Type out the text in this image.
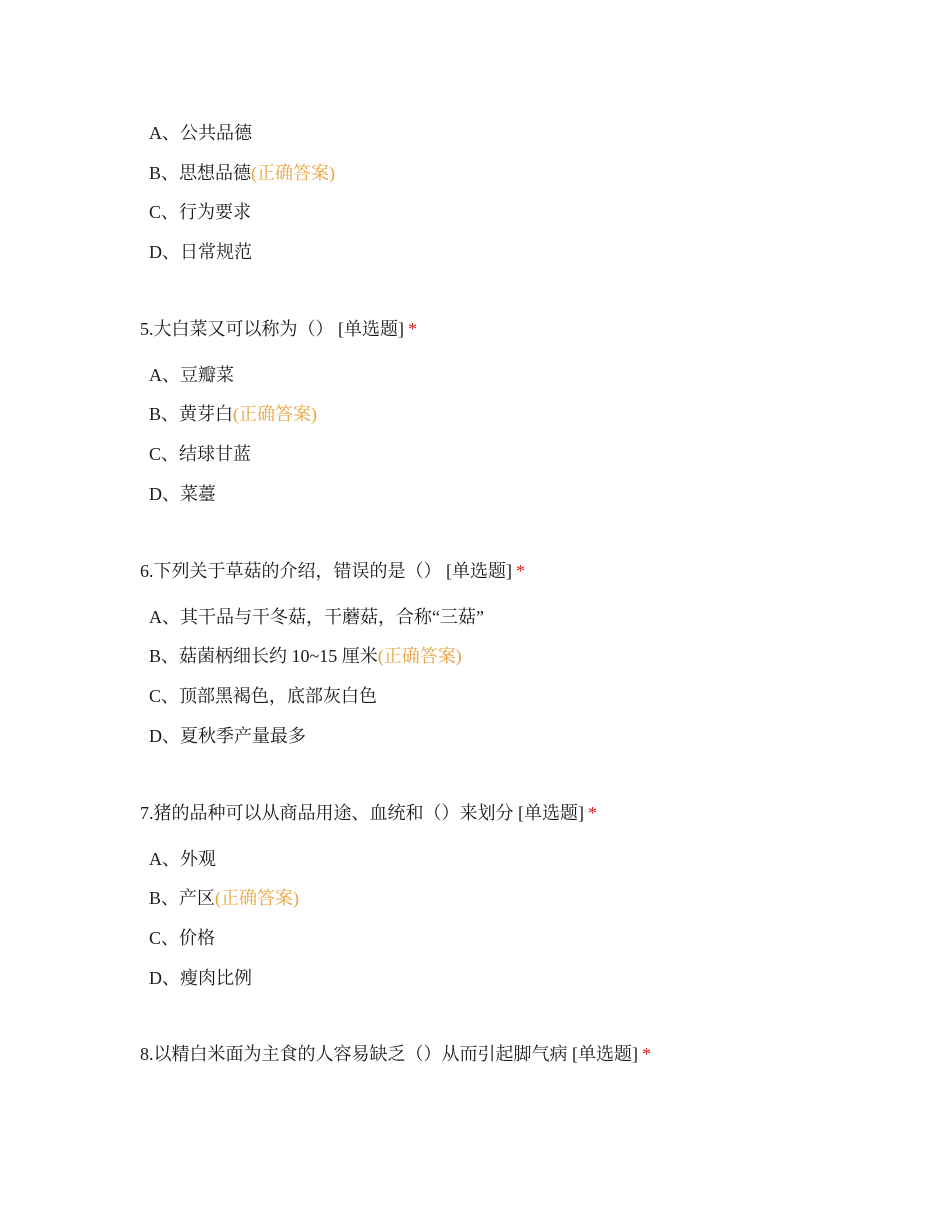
A、公共品德
B、思想品德(正确答案)
C、行为要求
D、日常规范
5.大白菜又可以称为（） [单选题] *
A、豆瓣菜
B、黄芽白(正确答案)
C、结球甘蓝
D、菜薹
6.下列关于草菇的介绍，错误的是（） [单选题] *
A、其干品与干冬菇，干蘑菇，合称“三菇”
B、菇菌柄细长约 10~15 厘米(正确答案)
C、顶部黑褐色，底部灰白色
D、夏秋季产量最多
7.猪的品种可以从商品用途、血统和（）来划分 [单选题] *
A、外观
B、产区(正确答案)
C、价格
D、瘦肉比例
8.以精白米面为主食的人容易缺乏（）从而引起脚气病 [单选题] *
